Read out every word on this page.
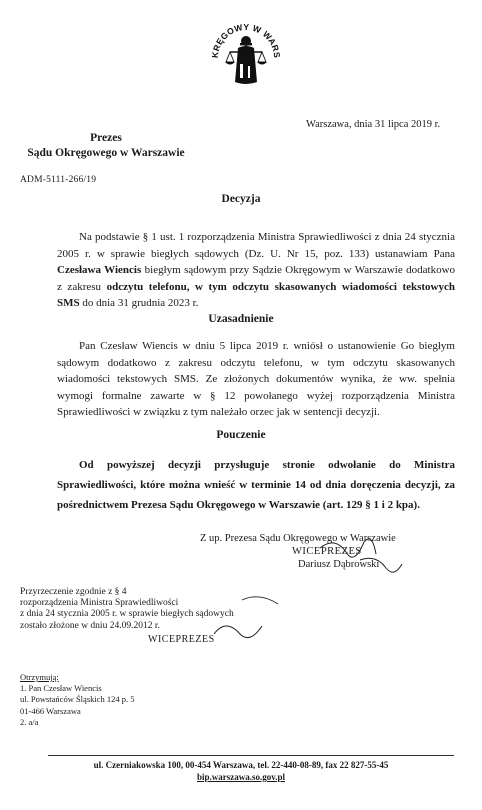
KRĘGOWY W WARS
Warszawa, dnia 31 lipca 2019 r.
Prezes
Sądu Okręgowego w Warszawie
ADM-5111-266/19
Decyzja
Na podstawie § 1 ust. 1 rozporządzenia Ministra Sprawiedliwości z dnia 24 stycznia 2005 r. w sprawie biegłych sądowych (Dz. U. Nr 15, poz. 133) ustanawiam Pana Czesława Wiencis biegłym sądowym przy Sądzie Okręgowym w Warszawie dodatkowo z zakresu odczytu telefonu, w tym odczytu skasowanych wiadomości tekstowych SMS do dnia 31 grudnia 2023 r.
Uzasadnienie
Pan Czesław Wiencis w dniu 5 lipca 2019 r. wniósł o ustanowienie Go biegłym sądowym dodatkowo z zakresu odczytu telefonu, w tym odczytu skasowanych wiadomości tekstowych SMS. Ze złożonych dokumentów wynika, że ww. spełnia wymogi formalne zawarte w § 12 powołanego wyżej rozporządzenia Ministra Sprawiedliwości w związku z tym należało orzec jak w sentencji decyzji.
Pouczenie
Od powyższej decyzji przysługuje stronie odwołanie do Ministra Sprawiedliwości, które można wnieść w terminie 14 od dnia doręczenia decyzji, za pośrednictwem Prezesa Sądu Okręgowego w Warszawie (art. 129 § 1 i 2 kpa).
Z up. Prezesa Sądu Okręgowego w Warszawie
WICEPREZES
Dariusz Dąbrowski
Przyrzeczenie zgodnie z § 4
rozporządzenia Ministra Sprawiedliwości
z dnia 24 stycznia 2005 r. w sprawie biegłych sądowych
zostało złożone w dniu 24.09.2012 r.
WICEPREZES
Otrzymują:
1. Pan Czesław Wiencis
ul. Powstańców Śląskich 124 p. 5
01-466 Warszawa
2. a/a
ul. Czerniakowska 100, 00-454 Warszawa, tel. 22-440-08-89, fax 22 827-55-45
bip.warszawa.so.gov.pl
